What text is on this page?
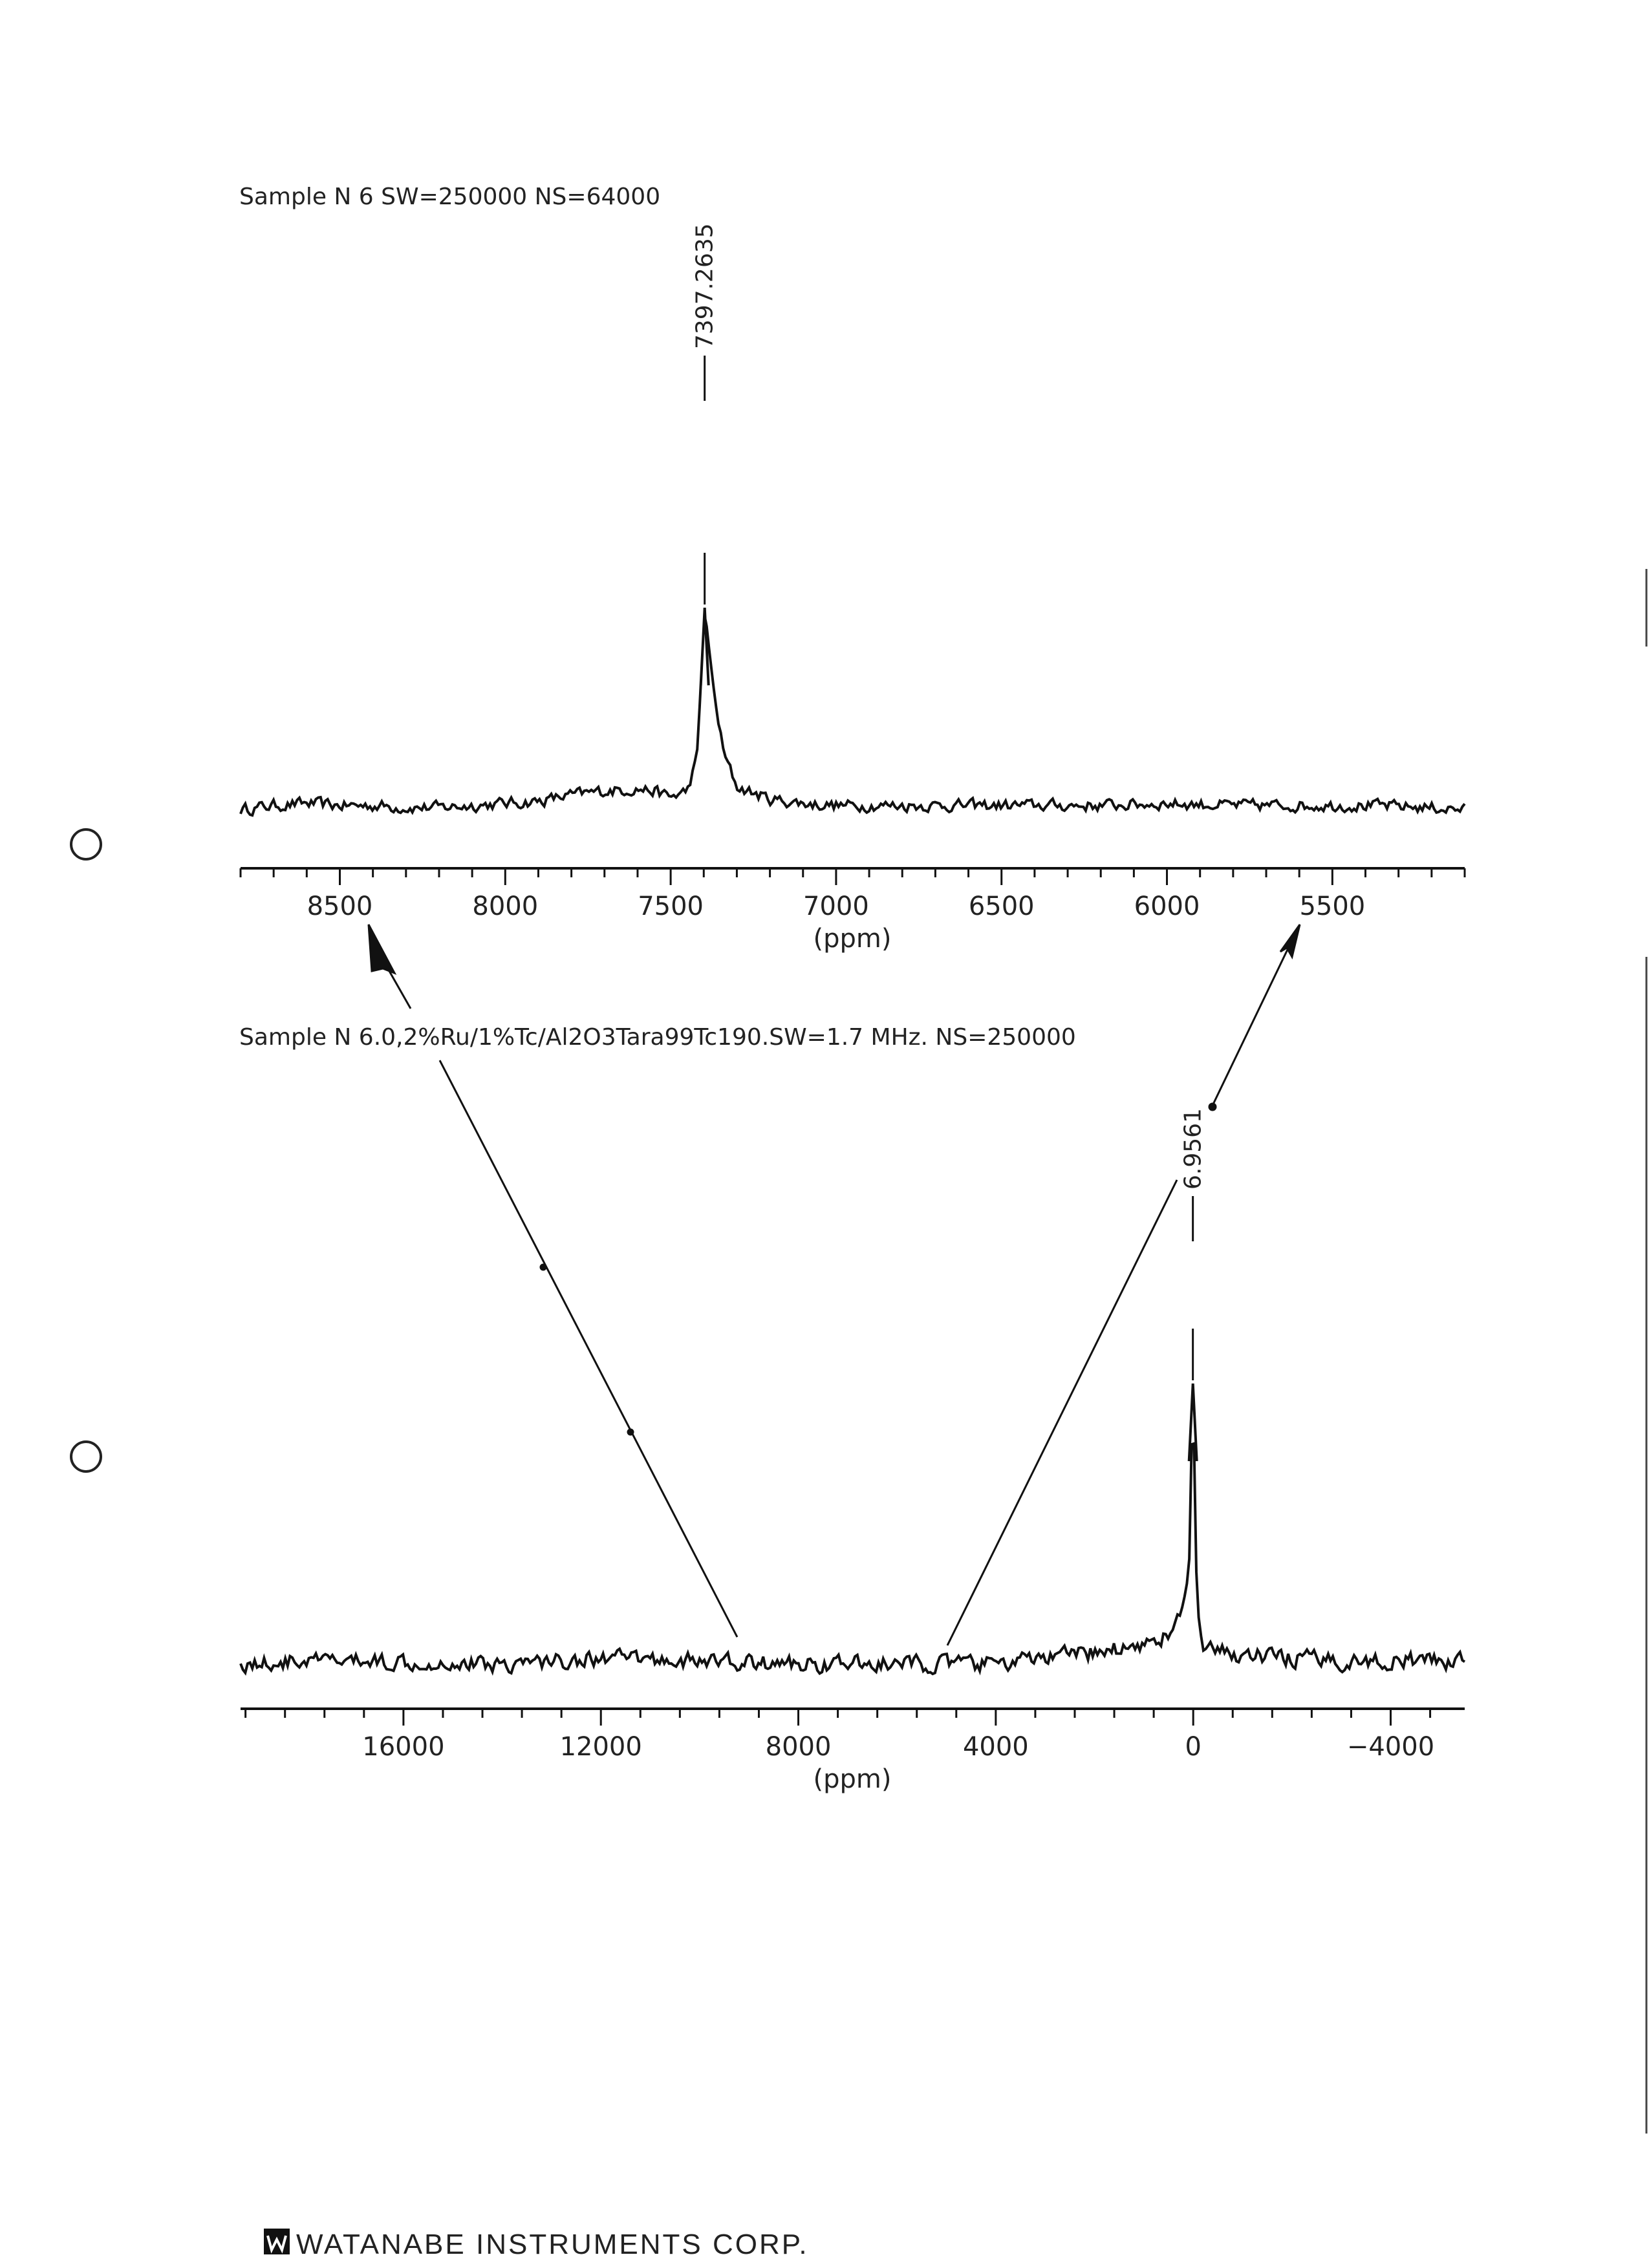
Sample N 6 SW=250000 NS=64000
7397.2635
8500	8000	7500	7000	6500	6000	5500
(ppm)
Sample N 6.0,2%Ru/1%Tc/Al2O3Tara99Tc190.SW=1.7 MHz. NS=250000
6.9561
16000	12000	8000	4000	0	−4000
(ppm)
WATANABE INSTRUMENTS CORP.
